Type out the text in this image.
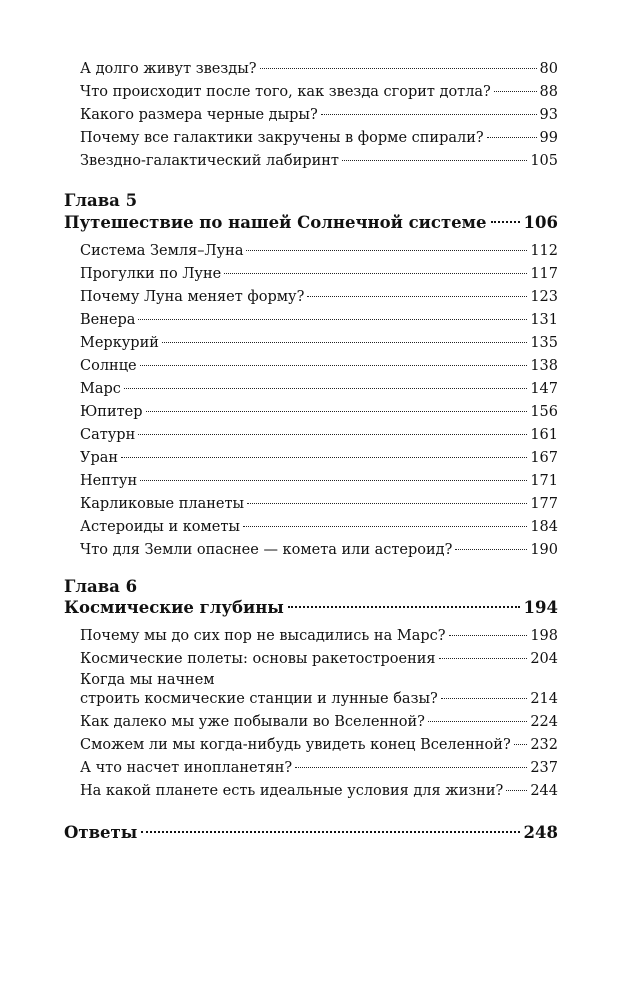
А долго живут звезды?	80
Что происходит после того, как звезда сгорит дотла?	88
Какого размера черные дыры?	93
Почему все галактики закручены в форме спирали?	99
Звездно-галактический лабиринт	105
Глава 5
Путешествие по нашей Солнечной системе 106
Система Земля–Луна	112
Прогулки по Луне	117
Почему Луна меняет форму?	123
Венера	131
Меркурий	135
Солнце	138
Марс	147
Юпитер	156
Сатурн	161
Уран	167
Нептун	171
Карликовые планеты	177
Астероиды и кометы	184
Что для Земли опаснее — комета или астероид?	190
Глава 6
Космические глубины	194
Почему мы до сих пор не высадились на Марс?	198
Космические полеты: основы ракетостроения	204
Когда мы начнем
строить космические станции и лунные базы?	214
Как далеко мы уже побывали во Вселенной?	224
Сможем ли мы когда-нибудь увидеть конец Вселенной? 232
А что насчет инопланетян?	237
На какой планете есть идеальные условия для жизни? 244
Ответы	248
